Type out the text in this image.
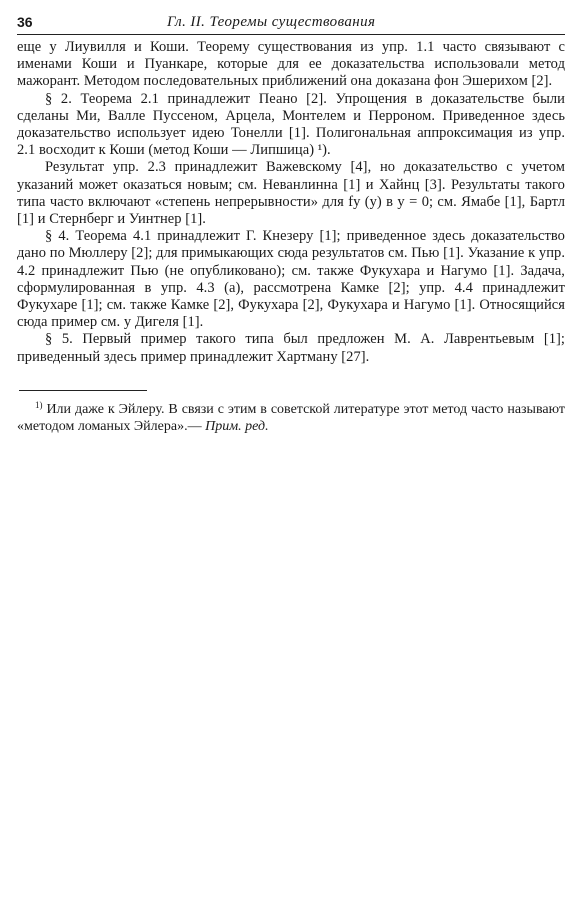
36	Гл. II. Теоремы существования

еще у Лиувилля и Коши. Теорему существования из упр. 1.1 часто связывают с именами Коши и Пуанкаре, которые для ее доказательства использовали метод мажорант. Методом последовательных приближений она доказана фон Эшерихом [2].

§ 2. Теорема 2.1 принадлежит Пеано [2]. Упрощения в доказательстве были сделаны Ми, Валле Пуссеном, Арцела, Монтелем и Перроном. Приведенное здесь доказательство использует идею Тонелли [1]. Полигональная аппроксимация из упр. 2.1 восходит к Коши (метод Коши — Липшица) ¹).

Результат упр. 2.3 принадлежит Важевскому [4], но доказательство с учетом указаний может оказаться новым; см. Неванлинна [1] и Хайнц [3]. Результаты такого типа часто включают «степень непрерывности» для fy (y) в y = 0; см. Ямабе [1], Бартл [1] и Стернберг и Уинтнер [1].

§ 4. Теорема 4.1 принадлежит Г. Кнезеру [1]; приведенное здесь доказательство дано по Мюллеру [2]; для примыкающих сюда результатов см. Пью [1]. Указание к упр. 4.2 принадлежит Пью (не опубликовано); см. также Фукухара и Нагумо [1]. Задача, сформулированная в упр. 4.3 (а), рассмотрена Камке [2]; упр. 4.4 принадлежит Фукухаре [1]; см. также Камке [2], Фукухара [2], Фукухара и Нагумо [1]. Относящийся сюда пример см. у Дигеля [1].

§ 5. Первый пример такого типа был предложен М. А. Лаврентьевым [1]; приведенный здесь пример принадлежит Хартману [27].

$^{1)}$ Или даже к Эйлеру. В связи с этим в советской литературе этот метод часто называют «методом ломаных Эйлера».— Прим. ред.
